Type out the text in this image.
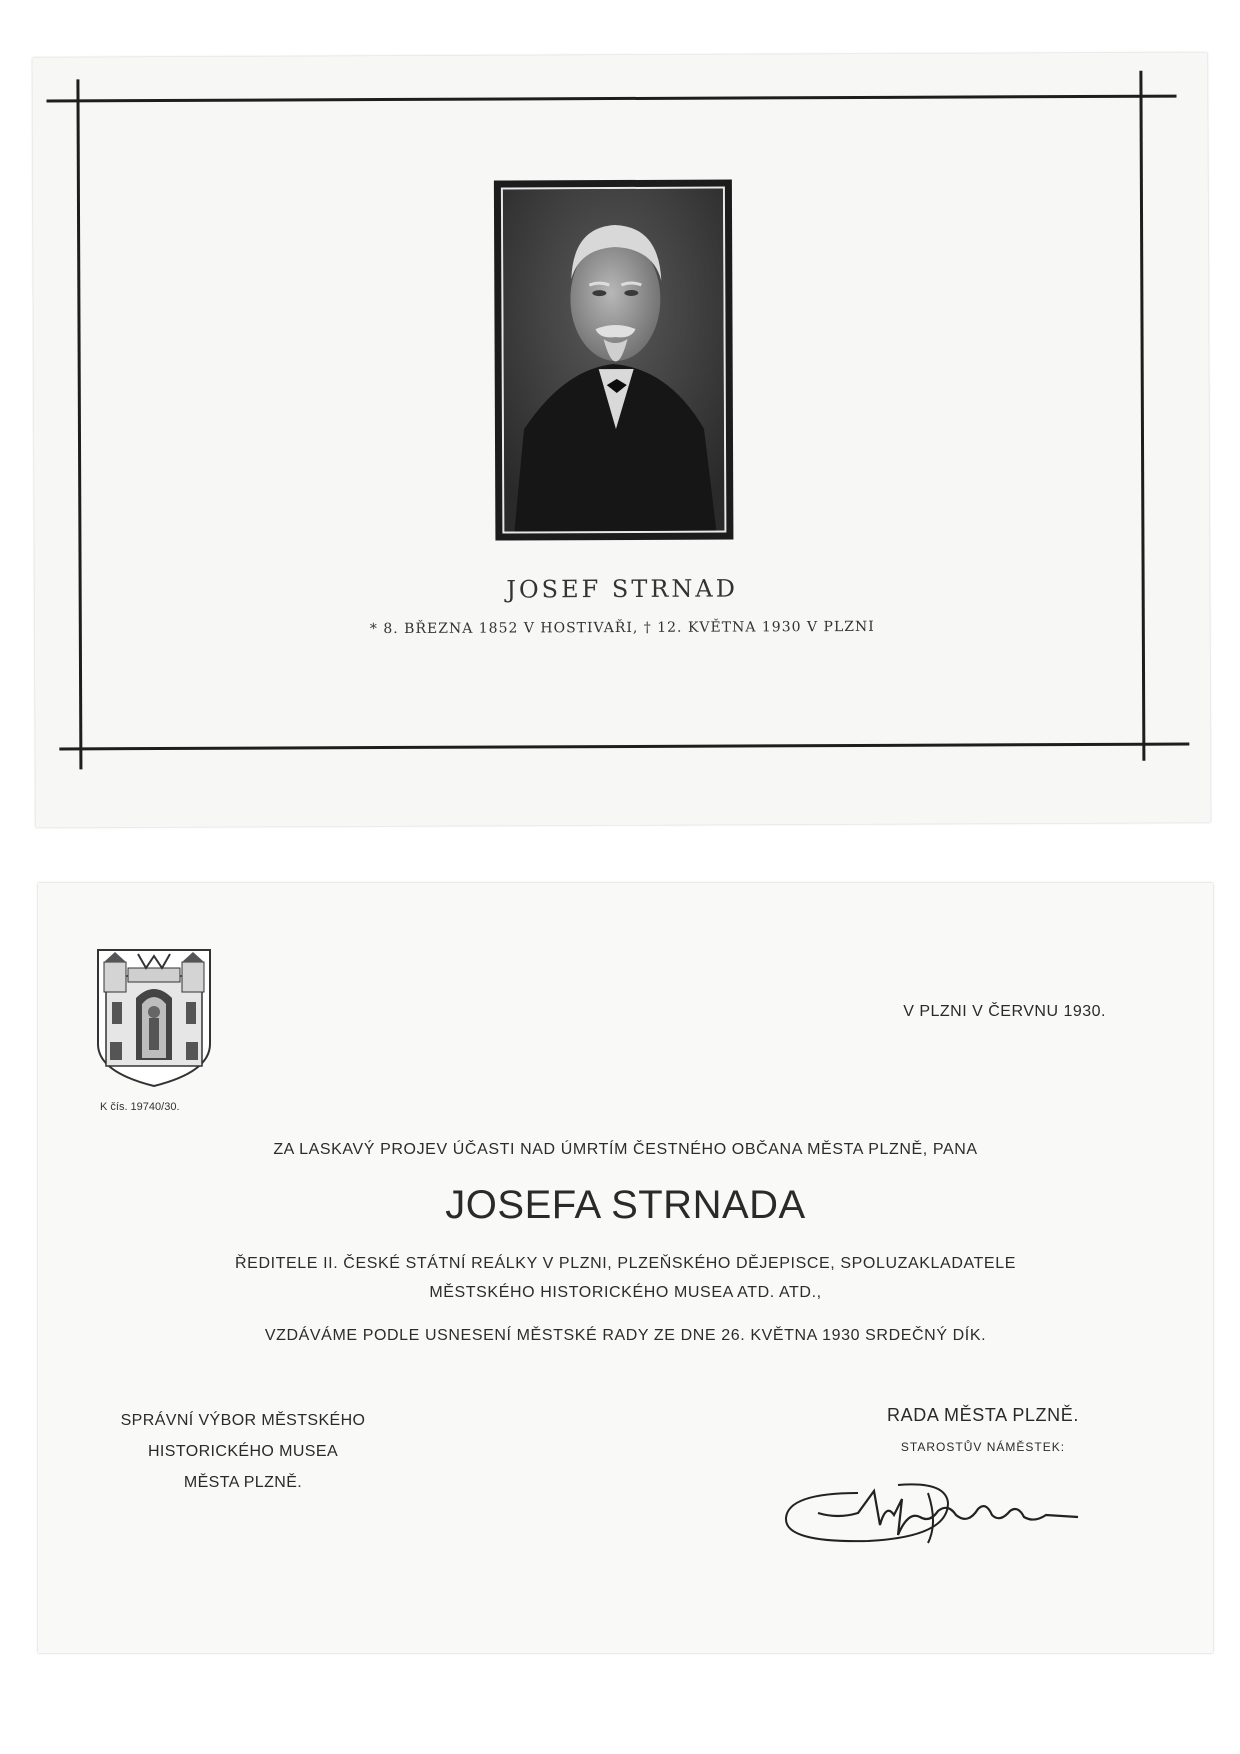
JOSEF STRNAD
* 8. BŘEZNA 1852 V HOSTIVAŘI, † 12. KVĚTNA 1930 V PLZNI
K čís. 19740/30.
V PLZNI V ČERVNU 1930.
ZA LASKAVÝ PROJEV ÚČASTI NAD ÚMRTÍM ČESTNÉHO OBČANA MĚSTA PLZNĚ, PANA
JOSEFA STRNADA
ŘEDITELE II. ČESKÉ STÁTNÍ REÁLKY V PLZNI, PLZEŇSKÉHO DĚJEPISCE, SPOLUZAKLADATELE
MĚSTSKÉHO HISTORICKÉHO MUSEA ATD. ATD.,
VZDÁVÁME PODLE USNESENÍ MĚSTSKÉ RADY ZE DNE 26. KVĚTNA 1930 SRDEČNÝ DÍK.
SPRÁVNÍ VÝBOR MĚSTSKÉHO
HISTORICKÉHO MUSEA
MĚSTA PLZNĚ.
RADA MĚSTA PLZNĚ.
STAROSTŮV NÁMĚSTEK:
